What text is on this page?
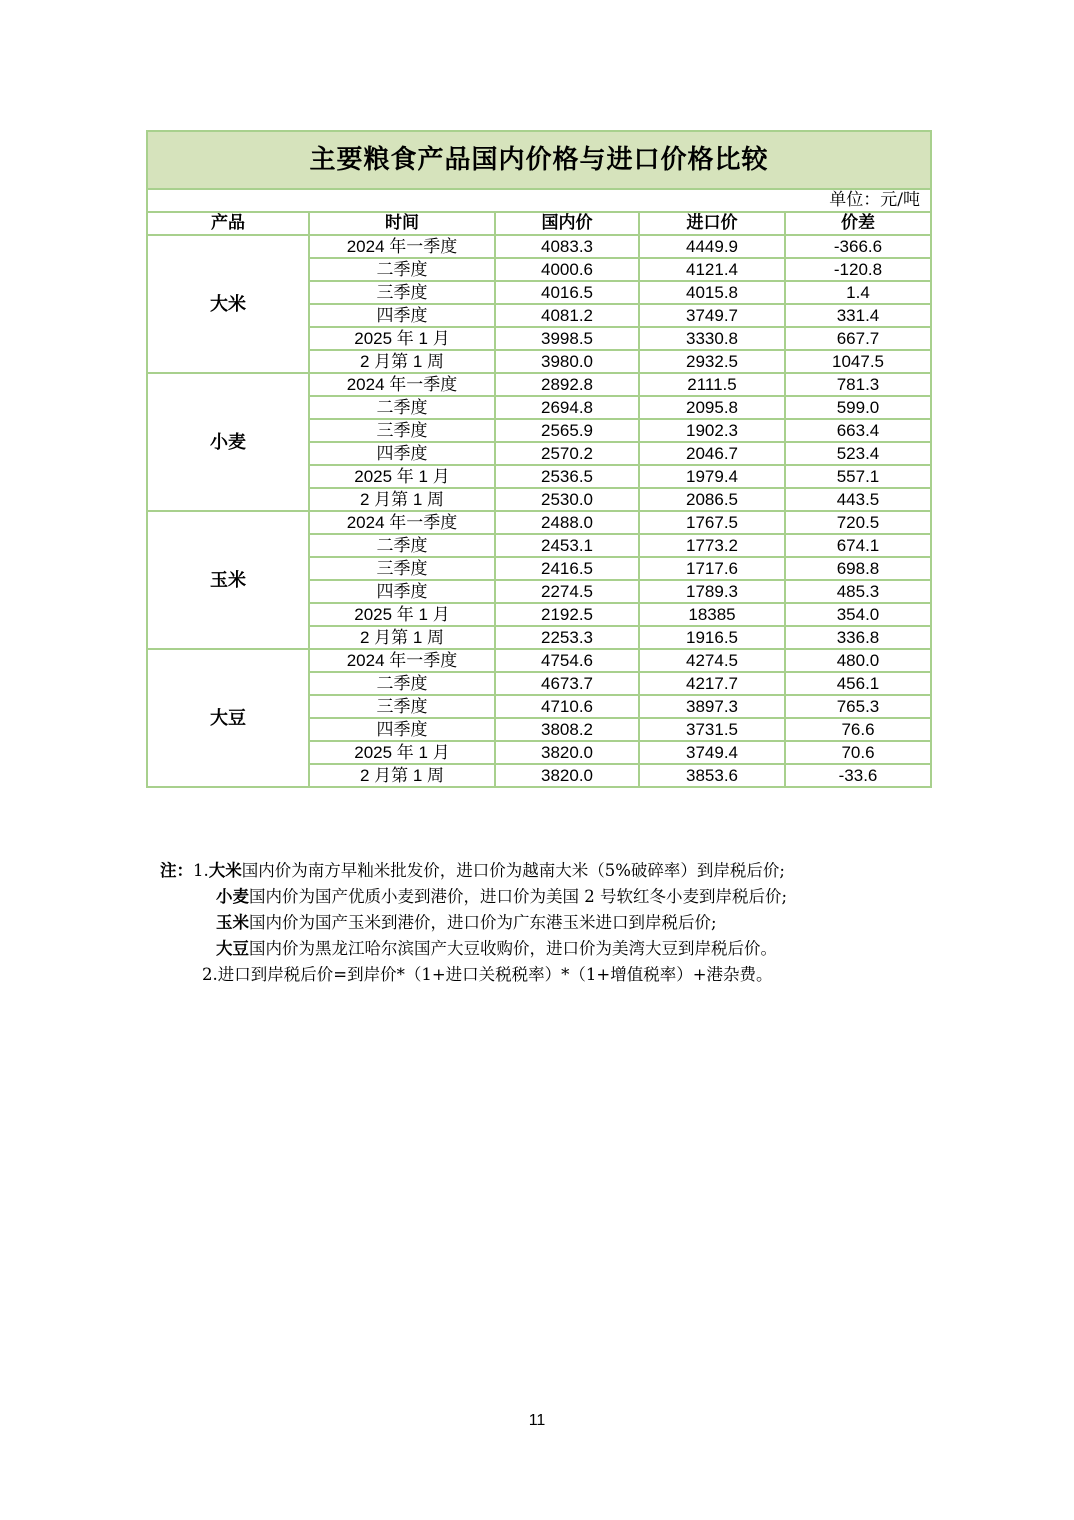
主要粮食产品国内价格与进口价格比较				
单位：元/吨				
产品	时间	国内价	进口价	价差
大米	2024 年一季度	4083.3	4449.9	-366.6
	二季度	4000.6	4121.4	-120.8
	三季度	4016.5	4015.8	1.4
	四季度	4081.2	3749.7	331.4
	2025 年 1 月	3998.5	3330.8	667.7
	2 月第 1 周	3980.0	2932.5	1047.5
小麦	2024 年一季度	2892.8	2111.5	781.3
	二季度	2694.8	2095.8	599.0
	三季度	2565.9	1902.3	663.4
	四季度	2570.2	2046.7	523.4
	2025 年 1 月	2536.5	1979.4	557.1
	2 月第 1 周	2530.0	2086.5	443.5
玉米	2024 年一季度	2488.0	1767.5	720.5
	二季度	2453.1	1773.2	674.1
	三季度	2416.5	1717.6	698.8
	四季度	2274.5	1789.3	485.3
	2025 年 1 月	2192.5	18385	354.0
	2 月第 1 周	2253.3	1916.5	336.8
大豆	2024 年一季度	4754.6	4274.5	480.0
	二季度	4673.7	4217.7	456.1
	三季度	4710.6	3897.3	765.3
	四季度	3808.2	3731.5	76.6
	2025 年 1 月	3820.0	3749.4	70.6
	2 月第 1 周	3820.0	3853.6	-33.6
注：1.大米国内价为南方早籼米批发价，进口价为越南大米（5%破碎率）到岸税后价;
小麦国内价为国产优质小麦到港价，进口价为美国 2 号软红冬小麦到岸税后价;
玉米国内价为国产玉米到港价，进口价为广东港玉米进口到岸税后价;
大豆国内价为黑龙江哈尔滨国产大豆收购价，进口价为美湾大豆到岸税后价。
2.进口到岸税后价=到岸价*（1+进口关税税率）*（1+增值税率）+港杂费。
11
